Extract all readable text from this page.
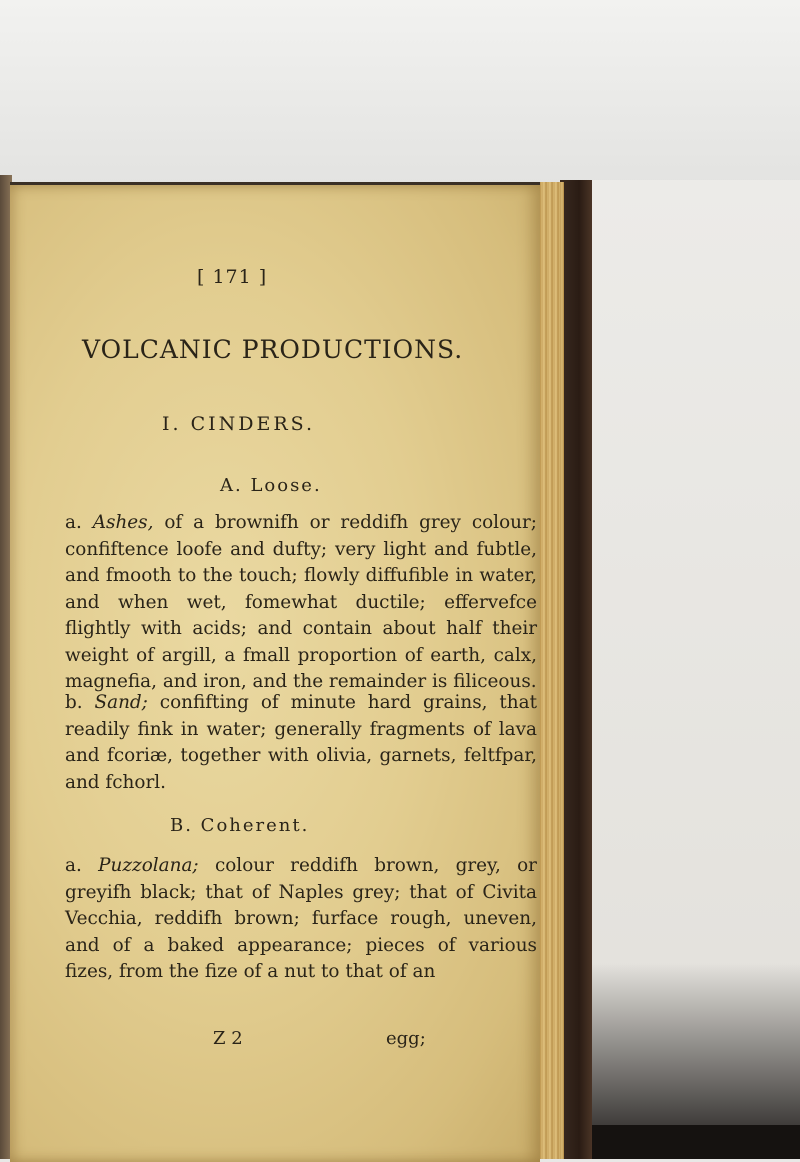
[ 171 ]
VOLCANIC PRODUCTIONS.
I. CINDERS.
A. Loose.
a. Ashes, of a brownifh or reddifh grey colour; confiftence loofe and dufty; very light and fubtle, and fmooth to the touch; flowly diffufible in water, and when wet, fomewhat ductile; effervefce flightly with acids; and contain about half their weight of argill, a fmall proportion of earth, calx, magnefia, and iron, and the remainder is filiceous.
b. Sand; confifting of minute hard grains, that readily fink in water; generally fragments of lava and fcoriæ, together with olivia, garnets, feltfpar, and fchorl.
B. Coherent.
a. Puzzolana; colour reddifh brown, grey, or greyifh black; that of Naples grey; that of Civita Vecchia, reddifh brown; furface rough, uneven, and of a baked appearance; pieces of various fizes, from the fize of a nut to that of an
Z 2	egg;
